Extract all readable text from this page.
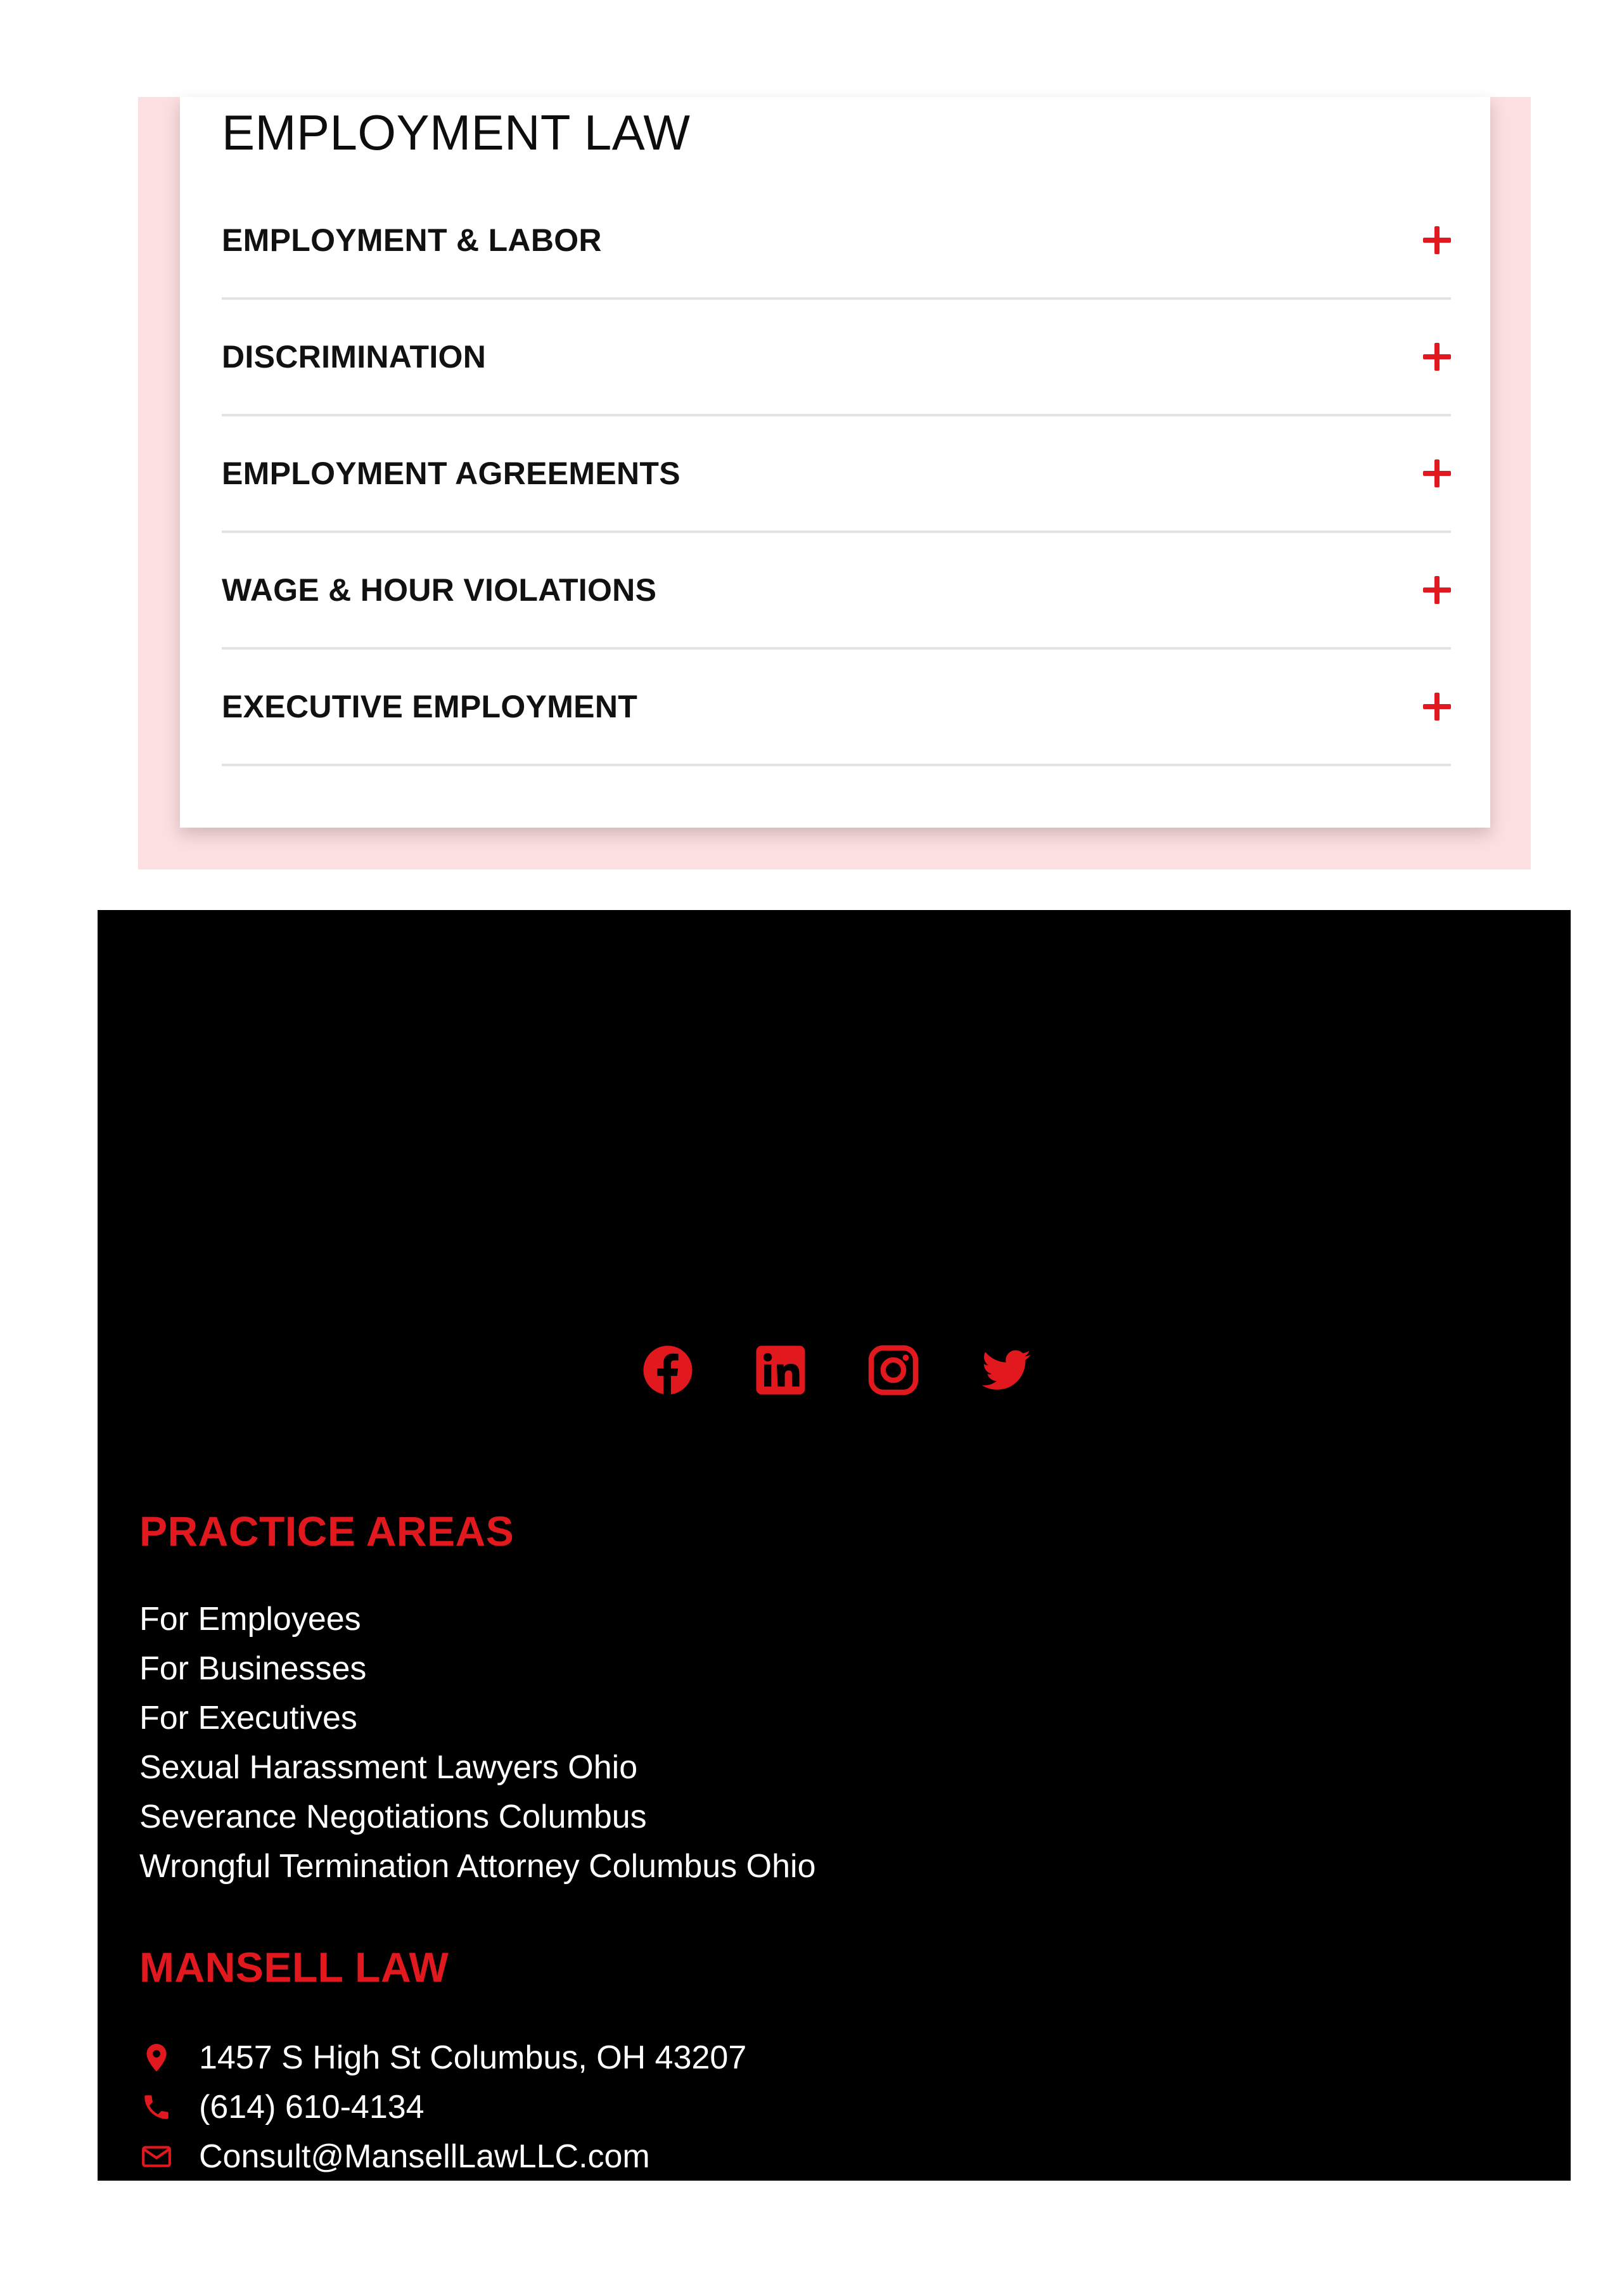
EMPLOYMENT LAW
EMPLOYMENT & LABOR
DISCRIMINATION
EMPLOYMENT AGREEMENTS
WAGE & HOUR VIOLATIONS
EXECUTIVE EMPLOYMENT
PRACTICE AREAS
For Employees
For Businesses
For Executives
Sexual Harassment Lawyers Ohio
Severance Negotiations Columbus
Wrongful Termination Attorney Columbus Ohio
MANSELL LAW
1457 S High St Columbus, OH 43207
(614) 610-4134
Consult@MansellLawLLC.com
